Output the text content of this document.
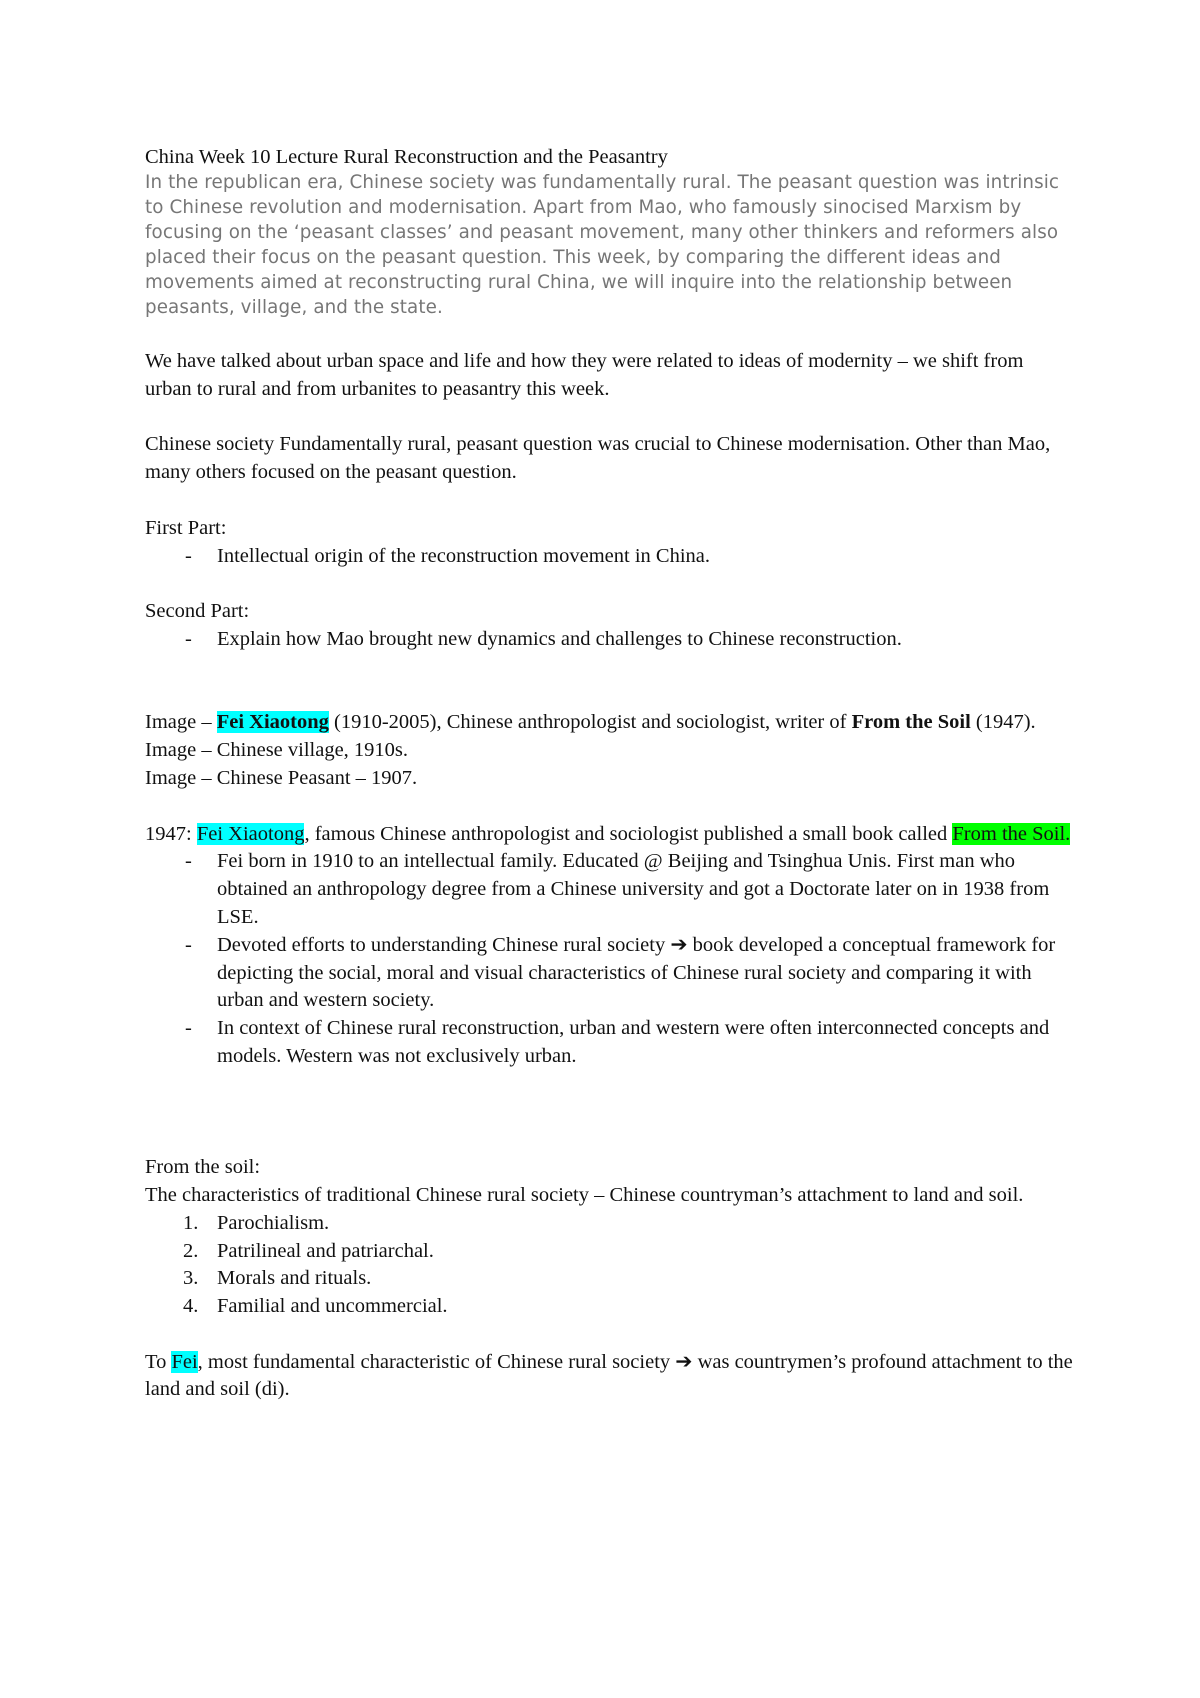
China Week 10 Lecture Rural Reconstruction and the Peasantry

In the republican era, Chinese society was fundamentally rural. The peasant question was intrinsic to Chinese revolution and modernisation. Apart from Mao, who famously sinocised Marxism by focusing on the ‘peasant classes’ and peasant movement, many other thinkers and reformers also placed their focus on the peasant question. This week, by comparing the different ideas and movements aimed at reconstructing rural China, we will inquire into the relationship between peasants, village, and the state.

We have talked about urban space and life and how they were related to ideas of modernity – we shift from urban to rural and from urbanites to peasantry this week.

Chinese society Fundamentally rural, peasant question was crucial to Chinese modernisation. Other than Mao, many others focused on the peasant question.

First Part:

- Intellectual origin of the reconstruction movement in China.

Second Part:

- Explain how Mao brought new dynamics and challenges to Chinese reconstruction.

Image – Fei Xiaotong (1910-2005), Chinese anthropologist and sociologist, writer of From the Soil (1947).

Image – Chinese village, 1910s.

Image – Chinese Peasant – 1907.

1947: Fei Xiaotong, famous Chinese anthropologist and sociologist published a small book called From the Soil.

- Fei born in 1910 to an intellectual family. Educated @ Beijing and Tsinghua Unis. First man who obtained an anthropology degree from a Chinese university and got a Doctorate later on in 1938 from LSE.
- Devoted efforts to understanding Chinese rural society ➔ book developed a conceptual framework for depicting the social, moral and visual characteristics of Chinese rural society and comparing it with urban and western society.
- In context of Chinese rural reconstruction, urban and western were often interconnected concepts and models. Western was not exclusively urban.

From the soil:

The characteristics of traditional Chinese rural society – Chinese countryman’s attachment to land and soil.

1. Parochialism.
2. Patrilineal and patriarchal.
3. Morals and rituals.
4. Familial and uncommercial.

To Fei, most fundamental characteristic of Chinese rural society ➔ was countrymen’s profound attachment to the land and soil (di).
